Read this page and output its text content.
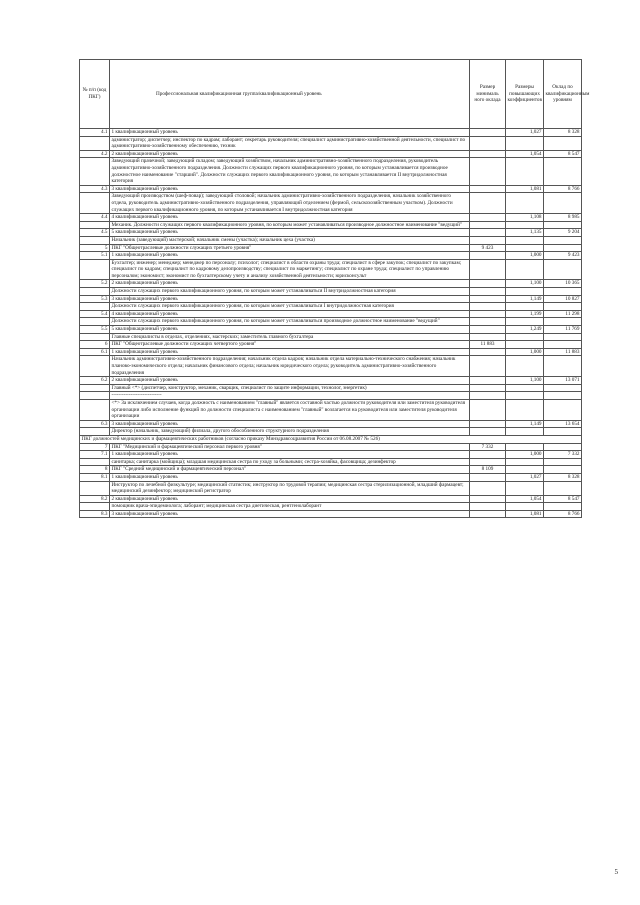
№ п/п (код ПКГ)	Профессиональная квалификационная группа/квалификационный уровень	Размер минималь ного оклада	Размеры повышающих коэффициентов	Оклад по квалификационным уровням
4.1	1 квалификационный уровень		1,027	8 328
	администратор; диспетчер; инспектор по кадрам; лаборант; секретарь руководителя; специалист административно-хозяйственной деятельности, специалист по административно-хозяйственному обеспечению, техник			
4.2	2 квалификационный уровень		1,054	8 547
	Заведующий прачечной; заведующий складом; заведующий хозяйством, начальник административно-хозяйственного подразделения, руководитель административно-хозяйственного подразделения. Должности служащих первого квалификационного уровня, по которым устанавливается производное должностное наименование "старший". Должности служащих первого квалификационного уровня, по которым устанавливается II внутридолжностная категория			
4.3	3 квалификационный уровень		1,081	8 766
	Заведующий производством (шеф-повар); заведующий столовой; начальник административно-хозяйственного подразделения, начальник хозяйственного отдела, руководитель административно-хозяйственного подразделения, управляющий отделением (фермой, сельскохозяйственным участком). Должности служащих первого квалификационного уровня, по которым устанавливается I внутридолжностная категория			
4.4	4 квалификационный уровень		1,108	8 985
	Механик. Должности служащих первого квалификационного уровня, по которым может устанавливаться производное должностное наименование "ведущий"			
4.5	5 квалификационный уровень		1,135	9 204
	Начальник (заведующий) мастерской; начальник смены (участка); начальник цеха (участка)			
5	ПКГ "Общеотраслевые должности служащих третьего уровня"	9 423		
5.1	1 квалификационный уровень		1,000	9 423
	Бухгалтер; инженер; менеджер; менеджер по персоналу; психолог; специалист в области охраны труда; специалист в сфере закупок; специалист по закупкам; специалист по кадрам; специалист по кадровому делопроизводству; специалист по маркетингу; специалист по охране труда; специалист по управлению персоналом; экономист; экономист по бухгалтерскому учету и анализу хозяйственной деятельности; юрисконсульт			
5.2	2 квалификационный уровень		1,100	10 365
	Должности служащих первого квалификационного уровня, по которым может устанавливаться II внутридолжностная категория			
5.3	3 квалификационный уровень		1,149	10 827
	Должности служащих первого квалификационного уровня, по которым может устанавливаться I внутридолжностная категория			
5.4	4 квалификационный уровень		1,199	11 298
	Должности служащих первого квалификационного уровня, по которым может устанавливаться производное должностное наименование "ведущий"			
5.5	5 квалификационный уровень		1,249	11 769
	Главные специалисты в отделах, отделениях, мастерских; заместитель главного бухгалтера			
6	ПКГ "Общеотраслевые должности служащих четвертого уровня"	11 883		
6.1	1 квалификационный уровень		1,000	11 883
	Начальник административно-хозяйственного подразделения; начальник отдела кадров; начальник отдела материально-технического снабжения; начальник планово-экономического отдела; начальник финансового отдела; начальник юридического отдела; руководитель административно-хозяйственного подразделения			
6.2	2 квалификационный уровень		1,100	13 071
	Главный <*> (диспетчер, конструктор, механик, сварщик, специалист по защите информации, технолог, энергетик)			
	-----------------------------			
	<*> За исключением случаев, когда должность с наименованием "главный" является составной частью должности руководителя или заместителя руководителя организации либо исполнение функций по должности специалиста с наименованием "главный" возлагается на руководителя или заместителя руководителя организации			
6.3	3 квалификационный уровень		1,149	13 654
	Директор (начальник, заведующий) филиала, другого обособленного структурного подразделения			
ПКГ должностей медицинских и фармацевтических работников (согласно приказу Минздравсоцразвития России от 06.08.2007 № 526)				
7	ПКГ "Медицинский и фармацевтический персонал первого уровня"	7 332		
7.1	1 квалификационный уровень		1,000	7 332
	санитарка; санитарка (мойщица); младшая медицинская сестра по уходу за больными; сестра-хозяйка, фасовщица; дезинфектор			
8	ПКГ "Средний медицинский и фармацевтический персонал"	8 109		
8.1	1 квалификационный уровень		1,027	8 328
	Инструктор по лечебной физкультуре; медицинский статистик; инструктор по трудовой терапии; медицинская сестра стерилизационной, младший фармацевт; медицинский дезинфектор; медицинский регистратор			
8.2	2 квалификационный уровень		1,054	8 547
	помощник врача-эпидемиолога; лаборант; медицинская сестра диетическая, рентгенолаборант			
8.3	3 квалификационный уровень		1,081	8 766
5
